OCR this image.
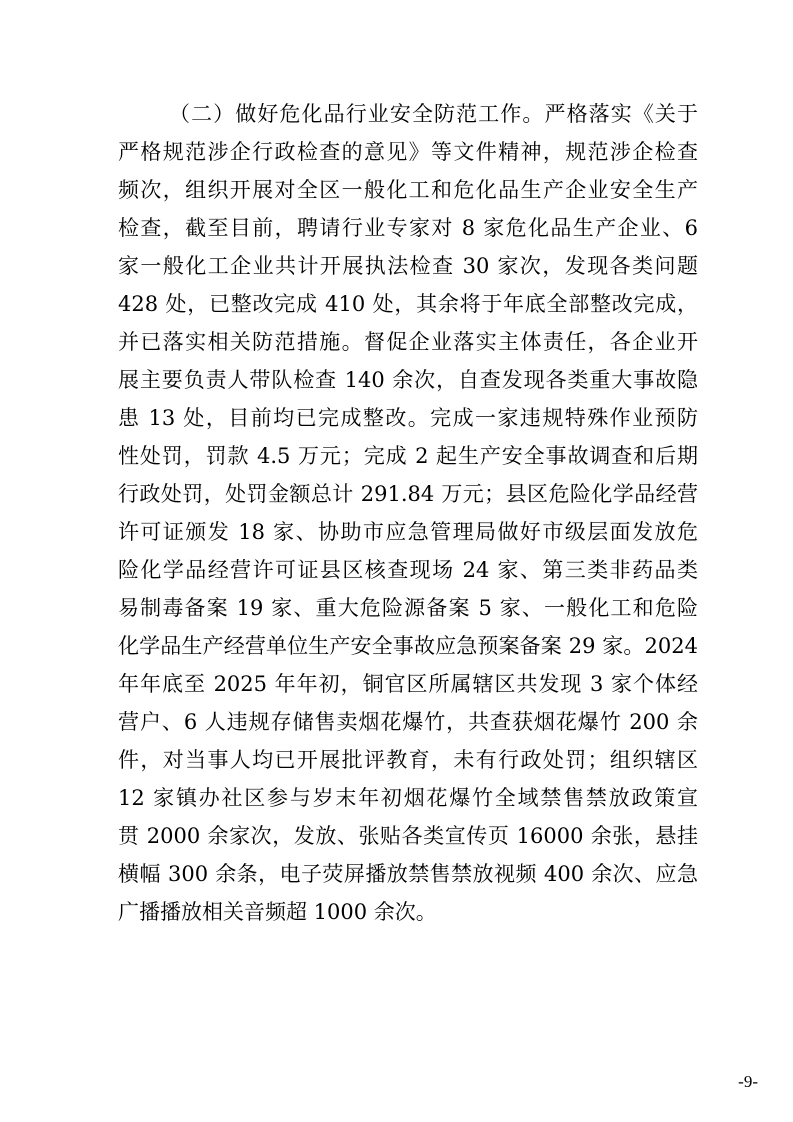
（二）做好危化品行业安全防范工作。严格落实《关于
严格规范涉企行政检查的意见》等文件精神，规范涉企检查
频次，组织开展对全区一般化工和危化品生产企业安全生产
检查，截至目前，聘请行业专家对 8 家危化品生产企业、6
家一般化工企业共计开展执法检查 30 家次，发现各类问题
428 处，已整改完成 410 处，其余将于年底全部整改完成，
并已落实相关防范措施。督促企业落实主体责任，各企业开
展主要负责人带队检查 140 余次，自查发现各类重大事故隐
患 13 处，目前均已完成整改。完成一家违规特殊作业预防
性处罚，罚款 4.5 万元；完成 2 起生产安全事故调查和后期
行政处罚，处罚金额总计 291.84 万元；县区危险化学品经营
许可证颁发 18 家、协助市应急管理局做好市级层面发放危
险化学品经营许可证县区核查现场 24 家、第三类非药品类
易制毒备案 19 家、重大危险源备案 5 家、一般化工和危险
化学品生产经营单位生产安全事故应急预案备案 29 家。2024
年年底至 2025 年年初，铜官区所属辖区共发现 3 家个体经
营户、6 人违规存储售卖烟花爆竹，共查获烟花爆竹 200 余
件，对当事人均已开展批评教育，未有行政处罚；组织辖区
12 家镇办社区参与岁末年初烟花爆竹全域禁售禁放政策宣
贯 2000 余家次，发放、张贴各类宣传页 16000 余张，悬挂
横幅 300 余条，电子荧屏播放禁售禁放视频 400 余次、应急
广播播放相关音频超 1000 余次。
-9-
